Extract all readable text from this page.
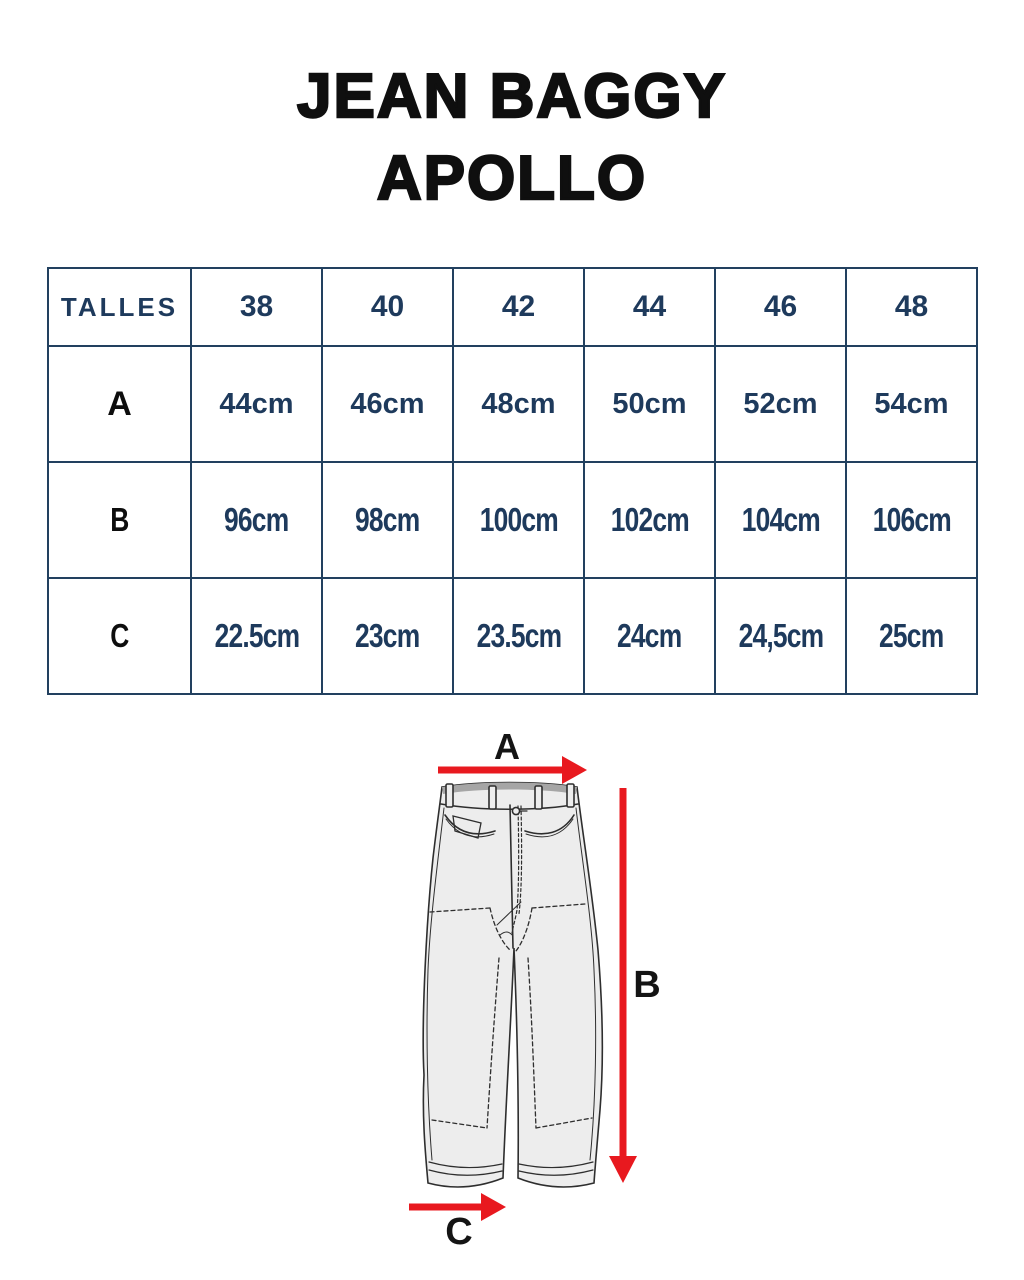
JEAN BAGGY
APOLLO
TALLES	38	40	42	44	46	48
A	44cm	46cm	48cm	50cm	52cm	54cm
B	96cm	98cm	100cm	102cm	104cm	106cm
C	22.5cm	23cm	23.5cm	24cm	24,5cm	25cm
A
B
C
